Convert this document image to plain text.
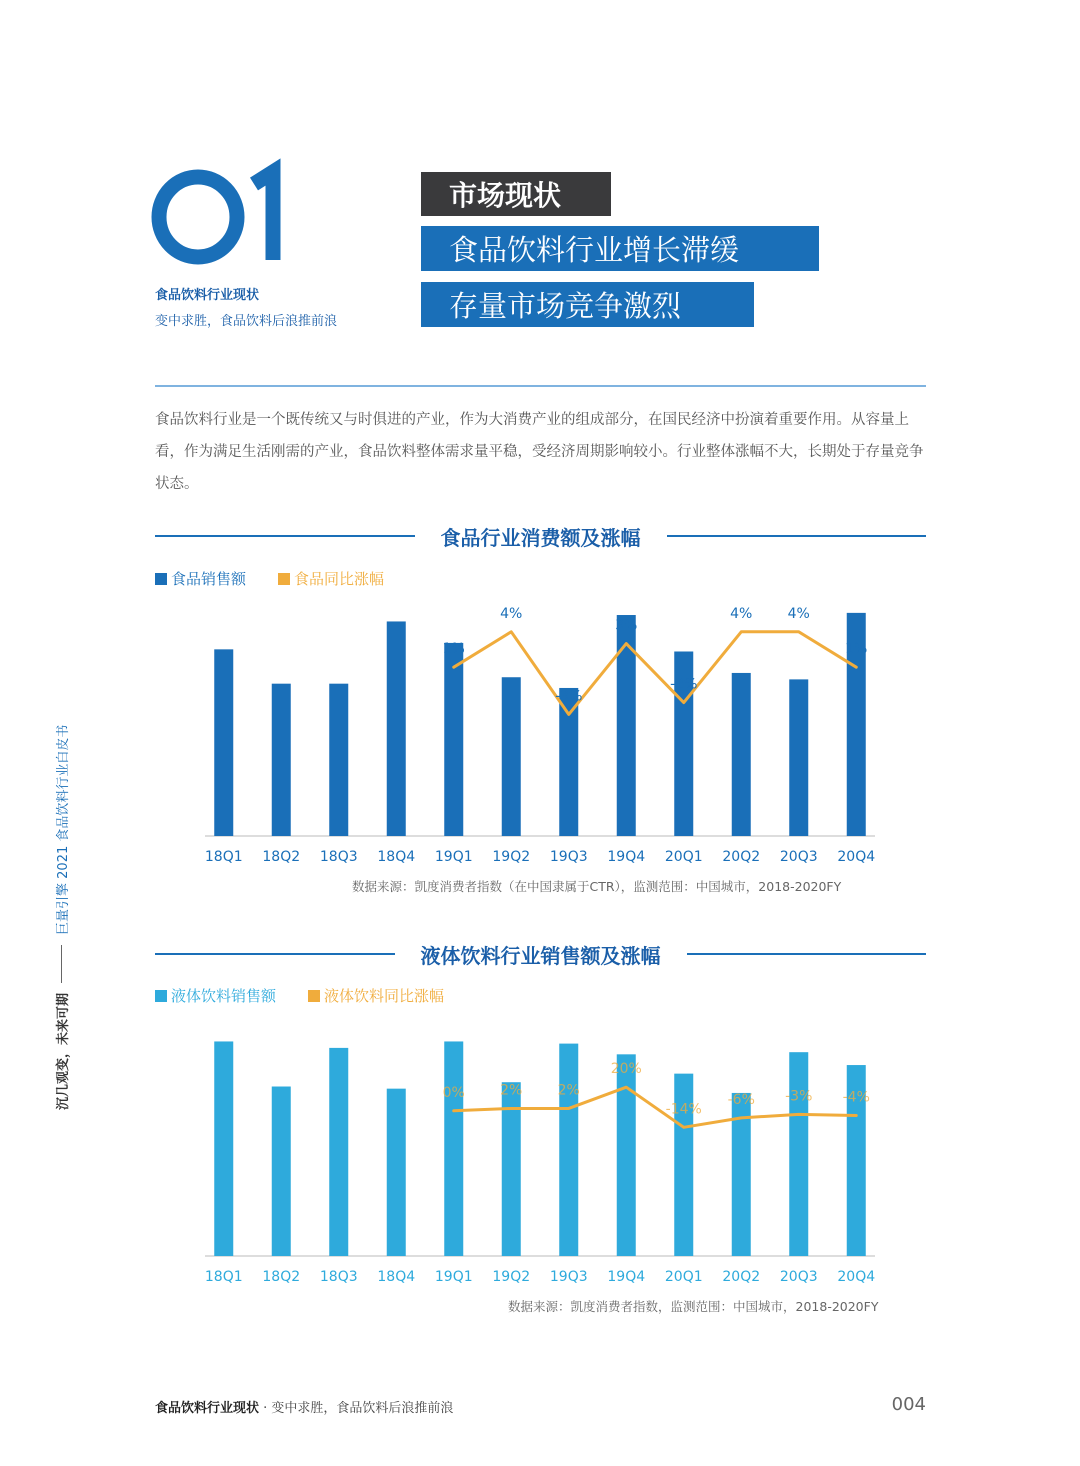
01
食品饮料行业现状
变中求胜，食品饮料后浪推前浪
市场现状
食品饮料行业增长滞缓
存量市场竞争激烈

食品饮料行业是一个既传统又与时俱进的产业，作为大消费产业的组成部分，在国民经济中扮演着重要作用。从容量上看，作为满足生活刚需的产业，食品饮料整体需求量平稳，受经济周期影响较小。行业整体涨幅不大，长期处于存量竞争状态。

食品行业消费额及涨幅
食品销售额	食品同比涨幅
18Q1 18Q2 18Q3 18Q4 19Q1 19Q2 19Q3 19Q4 20Q1 20Q2 20Q3 20Q4
1%
4%
-3%
3%
-2%
4%	4%
1%
数据来源：凯度消费者指数（在中国隶属于CTR），监测范围：中国城市，2018-2020FY
液体饮料行业销售额及涨幅
液体饮料销售额	液体饮料同比涨幅
18Q1 18Q2 18Q3 18Q4 19Q1 19Q2 19Q3 19Q4 20Q1 20Q2 20Q3 20Q4
0%	2%	2%
20%
-14%
-6% -3% -4%
数据来源：凯度消费者指数，监测范围：中国城市，2018-2020FY
沉几观变，未来可期
巨量引擎 2021 食品饮料行业白皮书
食品饮料行业现状 · 变中求胜，食品饮料后浪推前浪	004
